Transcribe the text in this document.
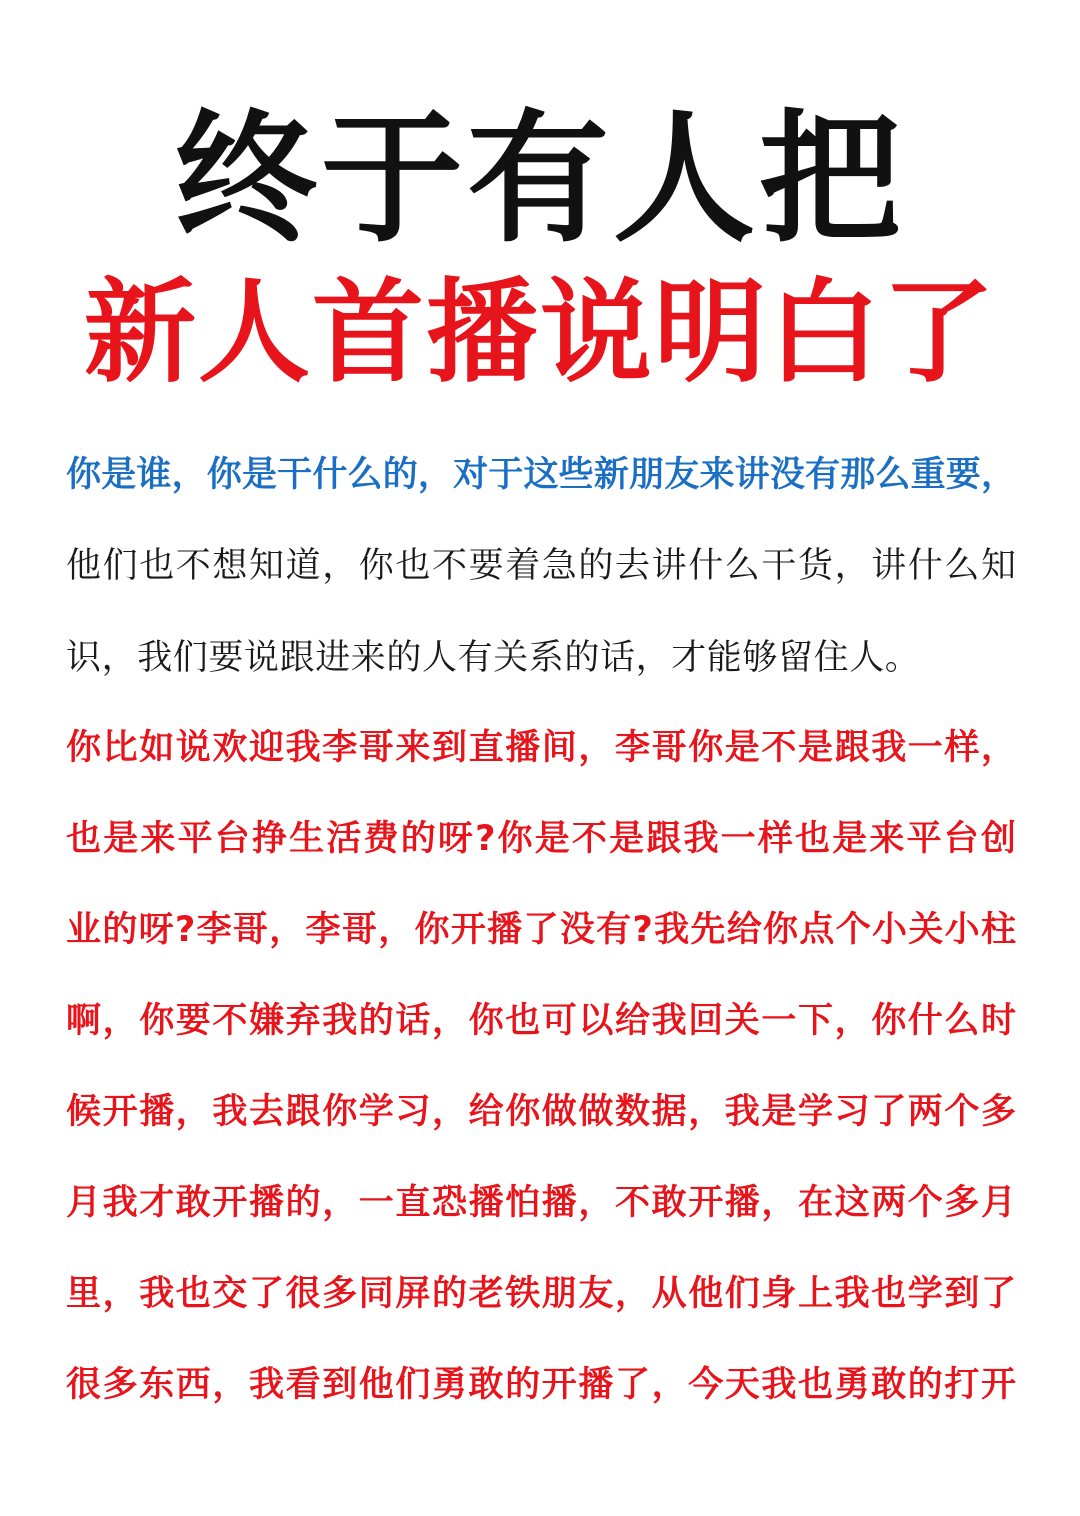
终于有人把
新人首播说明白了
你是谁，你是干什么的，对于这些新朋友来讲没有那么重要，
他们也不想知道，你也不要着急的去讲什么干货，讲什么知
识，我们要说跟进来的人有关系的话，才能够留住人。
你比如说欢迎我李哥来到直播间，李哥你是不是跟我一样，
也是来平台挣生活费的呀?你是不是跟我一样也是来平台创
业的呀?李哥，李哥，你开播了没有?我先给你点个小关小柱
啊，你要不嫌弃我的话，你也可以给我回关一下，你什么时
候开播，我去跟你学习，给你做做数据，我是学习了两个多
月我才敢开播的，一直恐播怕播，不敢开播，在这两个多月
里，我也交了很多同屏的老铁朋友，从他们身上我也学到了
很多东西，我看到他们勇敢的开播了，今天我也勇敢的打开
